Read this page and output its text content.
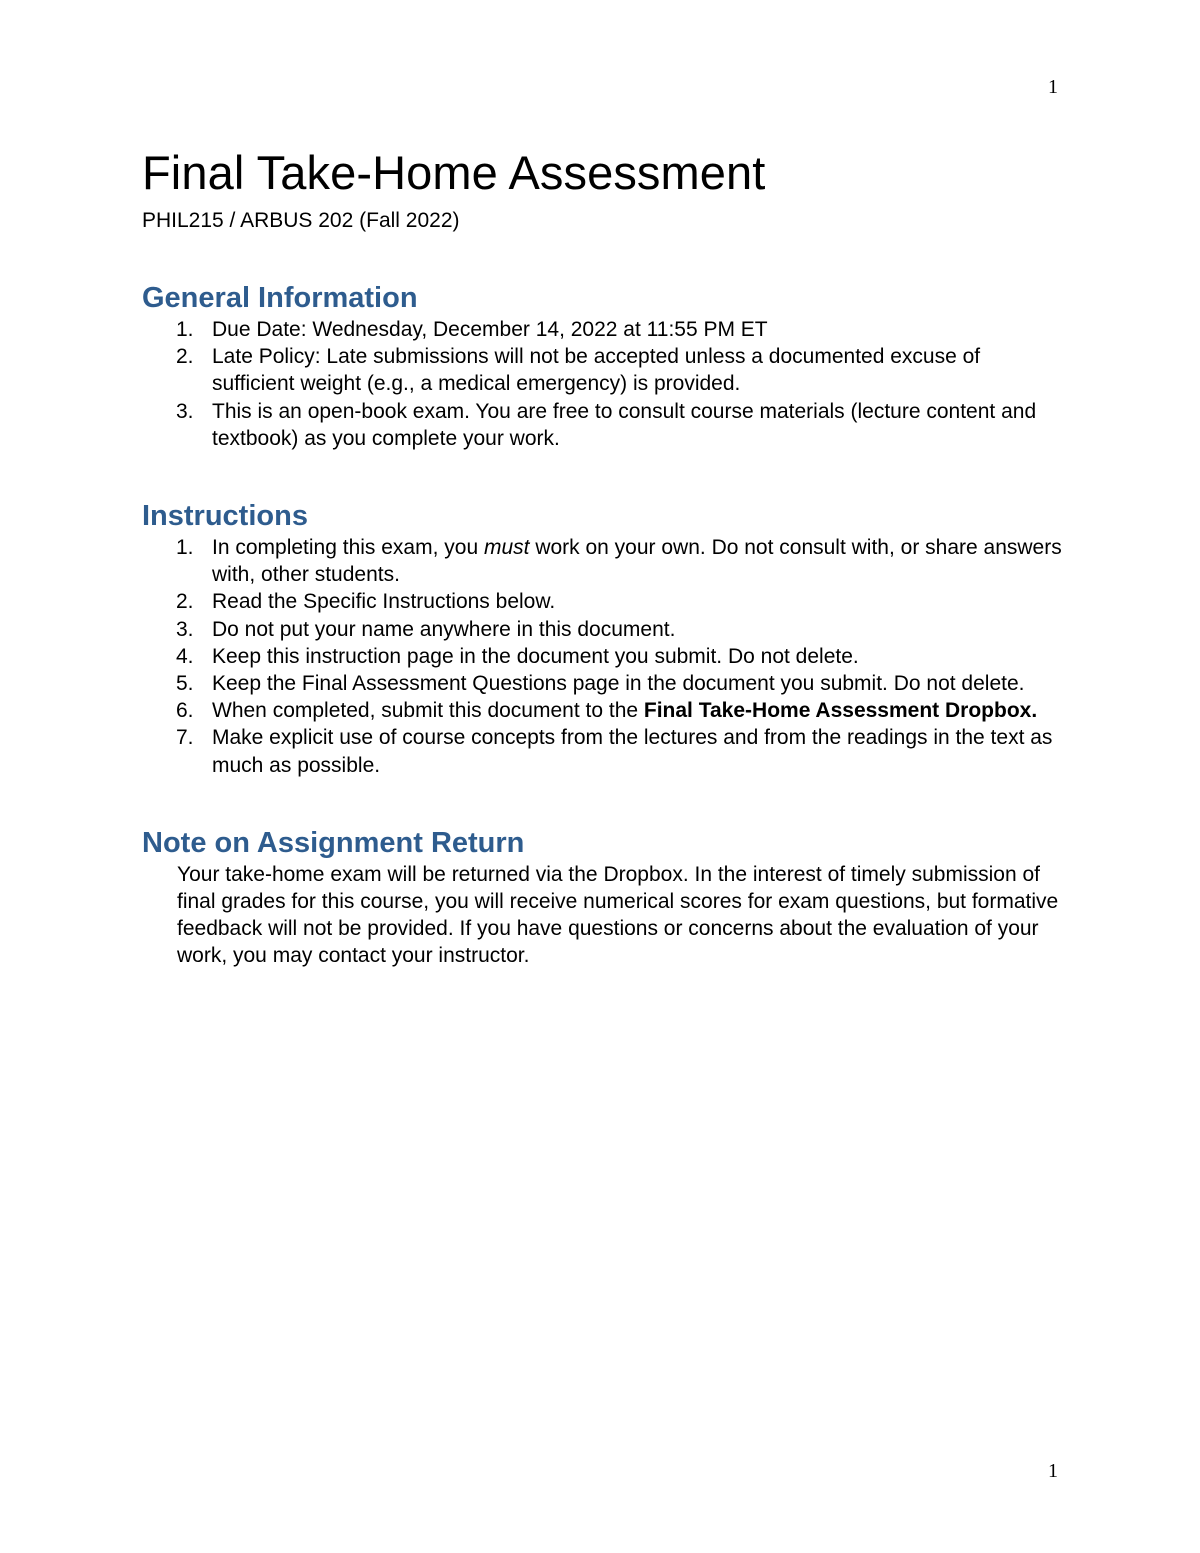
1
Final Take-Home Assessment

PHIL215 / ARBUS 202 (Fall 2022)

General Information
1. Due Date: Wednesday, December 14, 2022 at 11:55 PM ET
2. Late Policy: Late submissions will not be accepted unless a documented excuse of sufficient weight (e.g., a medical emergency) is provided.
3. This is an open-book exam. You are free to consult course materials (lecture content and textbook) as you complete your work.
Instructions
1. In completing this exam, you must work on your own. Do not consult with, or share answers with, other students.
2. Read the Specific Instructions below.
3. Do not put your name anywhere in this document.
4. Keep this instruction page in the document you submit. Do not delete.
5. Keep the Final Assessment Questions page in the document you submit. Do not delete.
6. When completed, submit this document to the Final Take-Home Assessment Dropbox.
7. Make explicit use of course concepts from the lectures and from the readings in the text as much as possible.
Note on Assignment Return

Your take-home exam will be returned via the Dropbox. In the interest of timely submission of final grades for this course, you will receive numerical scores for exam questions, but formative feedback will not be provided. If you have questions or concerns about the evaluation of your work, you may contact your instructor.

1
